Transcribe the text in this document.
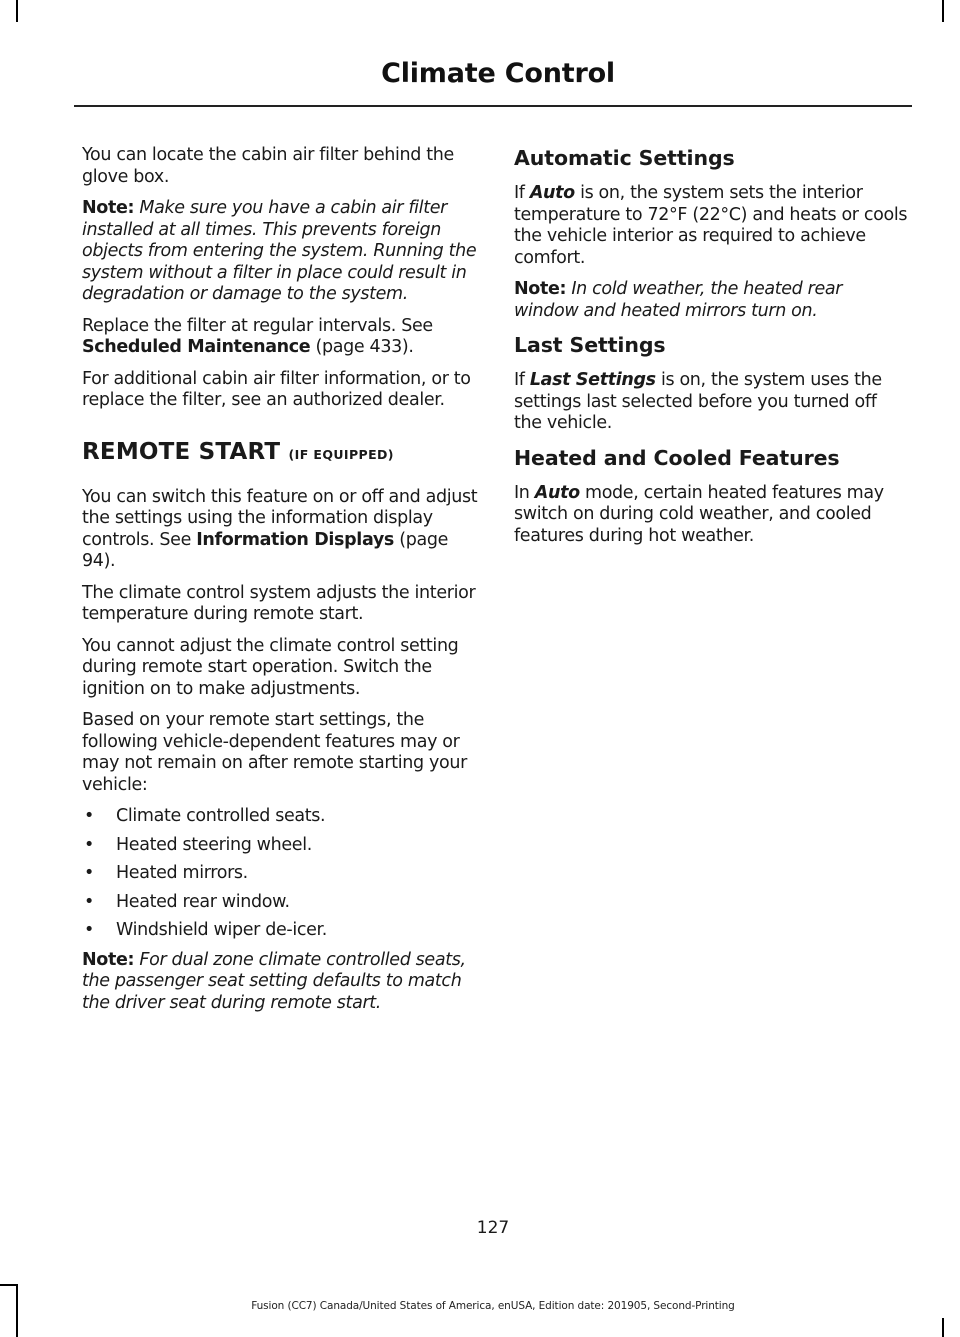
Climate Control

You can locate the cabin air filter behind the glove box.

Note: Make sure you have a cabin air filter installed at all times. This prevents foreign objects from entering the system. Running the system without a filter in place could result in degradation or damage to the system.

Replace the filter at regular intervals. See Scheduled Maintenance (page 433).

For additional cabin air filter information, or to replace the filter, see an authorized dealer.

REMOTE START (IF EQUIPPED)

You can switch this feature on or off and adjust the settings using the information display controls. See Information Displays (page 94).

The climate control system adjusts the interior temperature during remote start.

You cannot adjust the climate control setting during remote start operation. Switch the ignition on to make adjustments.

Based on your remote start settings, the following vehicle-dependent features may or may not remain on after remote starting your vehicle:

• Climate controlled seats.
• Heated steering wheel.
• Heated mirrors.
• Heated rear window.
• Windshield wiper de-icer.

Note: For dual zone climate controlled seats, the passenger seat setting defaults to match the driver seat during remote start.

Automatic Settings

If Auto is on, the system sets the interior temperature to 72°F (22°C) and heats or cools the vehicle interior as required to achieve comfort.

Note: In cold weather, the heated rear window and heated mirrors turn on.

Last Settings

If Last Settings is on, the system uses the settings last selected before you turned off the vehicle.

Heated and Cooled Features

In Auto mode, certain heated features may switch on during cold weather, and cooled features during hot weather.

127
Fusion (CC7) Canada/United States of America, enUSA, Edition date: 201905, Second-Printing
